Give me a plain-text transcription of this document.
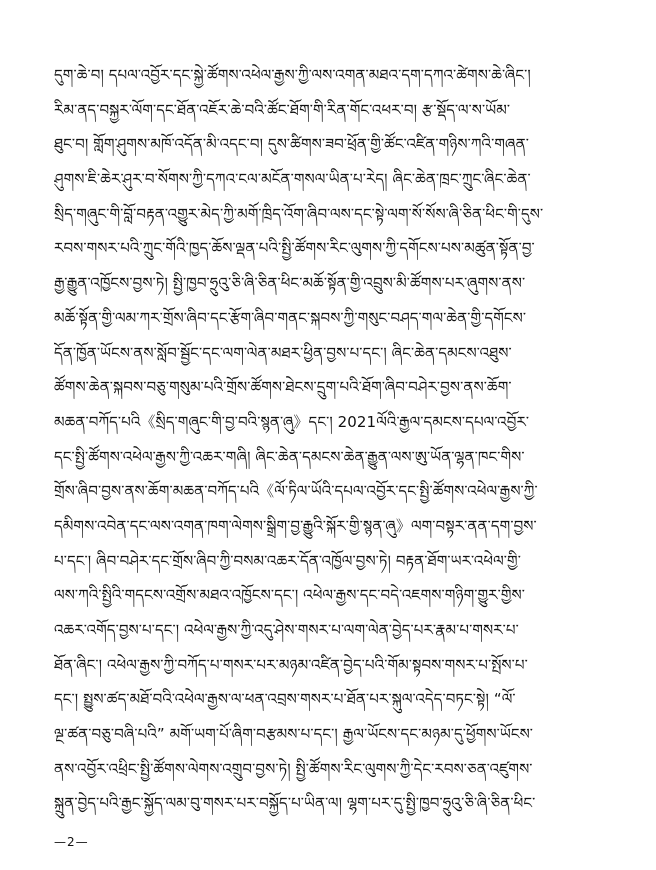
དུག་ཆེ་བ། དཔལ་འབྱོར་དང་སྐྱེ་ཚོགས་འཕེལ་རྒྱས་ཀྱི་ལས་འགན་མཐའ་དག་དཀའ་ཚེགས་ཆེ་ཞིང་།
རིམ་ནད་བསྐྱར་ལོག་དང་ཐོན་འཇོར་ཆེ་བའི་ཚོང་ཐོག་གི་རིན་གོང་འཕར་བ། རྩ་སྡོད་ལ་ས་ཡོམ་
ཐུང་བ། གློག་ཤུགས་མཁོ་འདོན་མི་འདང་བ། དུས་ཚིགས་ཟབ་ཕྲོན་གྱི་ཚོང་འཛིན་གཉིས་ཀའི་གཞན་
ཤུགས་ཇི་ཆེར་ཤུར་བ་སོགས་ཀྱི་དཀའ་ངལ་མངོན་གསལ་ཡིན་པ་རེད། ཞིང་ཆེན་ཁྲང་ཀྲུང་ཞིང་ཆེན་
སྲིད་གཞུང་གི་བློ་བརྟན་འགྱུར་མེད་ཀྱི་མགོ་ཁྲིད་འོག་ཞིབ་ལས་དང་སྟེ་ལག་སོ་སོས་ཞི་ཅིན་ཕིང་གི་དུས་
རབས་གསར་པའི་ཀྲུང་གོའི་ཁྱད་ཆོས་ལྡན་པའི་སྤྱི་ཚོགས་རིང་ལུགས་ཀྱི་དགོངས་པས་མཚུན་སྟོན་བྱ་
རྒྱ་རྒྱུན་འཁྱོངས་བྱས་ཏེ། སྤྱི་ཁྱབ་ཧྲུའུ་ཅི་ཞི་ཅིན་ཕིང་མཆོ་སྟོན་གྱི་འབྲུས་མི་ཚོགས་པར་ཞུགས་ནས་
མཆོ་སྟོན་གྱི་ལམ་ཀར་གྲོས་ཞིབ་དང་རྩོག་ཞིབ་གནང་སྐབས་ཀྱི་གསུང་བཤད་གལ་ཆེན་གྱི་དགོངས་
དོན་ཁྱོན་ཡོངས་ནས་སློབ་སྦྱོང་དང་ལག་ལེན་མཐར་ཕྱིན་བྱས་པ་དང་། ཞིང་ཆེན་དམངས་འཐུས་
ཚོགས་ཆེན་སྐབས་བཅུ་གསུམ་པའི་གྲོས་ཚོགས་ཐེངས་དྲུག་པའི་ཐོག་ཞིབ་བཤེར་བྱས་ནས་ཆོག་
མཆན་བཀོད་པའི《སྲིད་གཞུང་གི་བྱ་བའི་སྙན་ཞུ》དང་། 2021ལོའི་རྒྱལ་དམངས་དཔལ་འབྱོར་
དང་སྤྱི་ཚོགས་འཕེལ་རྒྱས་ཀྱི་འཆར་གཞི། ཞིང་ཆེན་དམངས་ཆེན་རྒྱུན་ལས་ཨུ་ཡོན་ལྷན་ཁང་གིས་
གྲོས་ཞིབ་བྱས་ནས་ཆོག་མཆན་བཀོད་པའི《ལོ་ཏིལ་ཡོའི་དཔལ་འབྱོར་དང་སྤྱི་ཚོགས་འཕེལ་རྒྱས་ཀྱི་
དམིགས་འབེན་དང་ལས་འགན་ཁག་ལེགས་སྒྲིག་བྱ་རྒྱུའི་སྐོར་གྱི་སྙན་ཞུ》ལག་བསྟར་ནན་དག་བྱས་
པ་དང་། ཞིབ་བཤེར་དང་གྲོས་ཞིབ་ཀྱི་བསམ་འཆར་དོན་འཁྱོལ་བྱས་ཏེ། བརྟན་ཐོག་ཡར་འཕེལ་གྱི་
ལས་ཀའི་སྤྱིའི་གདངས་འགྲོས་མཐའ་འཁྱོངས་དང་། འཕེལ་རྒྱས་དང་བདེ་འཇགས་གཉིག་གྱུར་གྱིས་
འཆར་འགོད་བྱས་པ་དང་། འཕེལ་རྒྱས་ཀྱི་འདུ་ཤེས་གསར་པ་ལག་ལེན་བྱེད་པར་རྣམ་པ་གསར་པ་
ཐོན་ཞིང་། འཕེལ་རྒྱས་ཀྱི་བཀོད་པ་གསར་པར་མཉམ་འཛིན་བྱེད་པའི་གོམ་སྟབས་གསར་པ་སྤོས་པ་
དང་། སྤྱུས་ཚད་མཐོ་བའི་འཕེལ་རྒྱས་ལ་ཕན་འབྲས་གསར་པ་ཐོན་པར་སྐུལ་འདེད་བཏང་སྟེ། “ལོ་
ལྔ་ཚན་བཅུ་བཞི་པའི” མགོ་ཡག་པོ་ཞིག་བརྩམས་པ་དང་། རྒྱལ་ཡོངས་དང་མཉམ་དུ་ཕྱོགས་ཡོངས་
ནས་འབྱོར་འཕྲིང་སྤྱི་ཚོགས་ལེགས་འགྲུབ་བྱས་ཏེ། སྤྱི་ཚོགས་རིང་ལུགས་ཀྱི་དེང་རབས་ཅན་འཛུགས་
སྐྲུན་བྱེད་པའི་རྒྱང་སྐྱོད་ལམ་བུ་གསར་པར་བསྐྱོད་པ་ཡིན་ལ། ལྷག་པར་དུ་སྤྱི་ཁྱབ་ཧྲུའུ་ཅི་ཞི་ཅིན་ཕིང་
—2—
